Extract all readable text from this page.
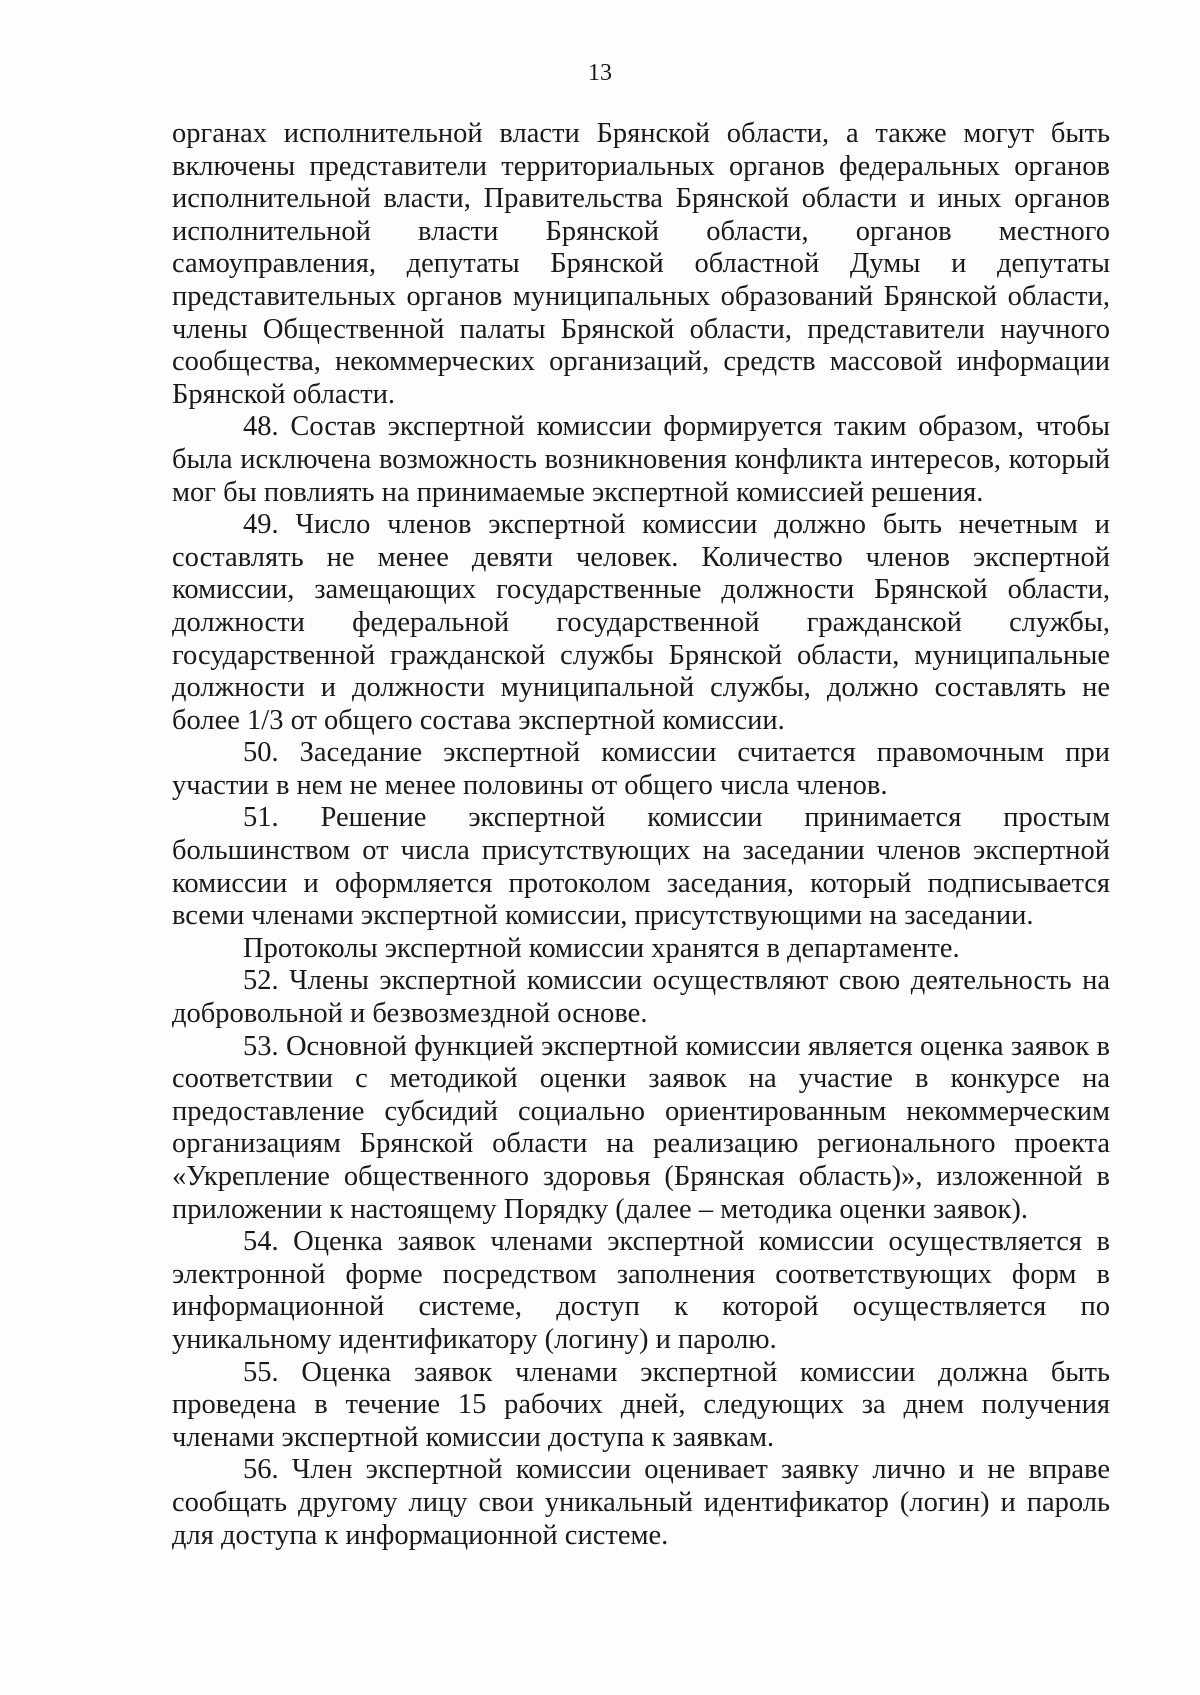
13

органах исполнительной власти Брянской области, а также могут быть включены представители территориальных органов федеральных органов исполнительной власти, Правительства Брянской области и иных органов исполнительной власти Брянской области, органов местного самоуправления, депутаты Брянской областной Думы и депутаты представительных органов муниципальных образований Брянской области, члены Общественной палаты Брянской области, представители научного сообщества, некоммерческих организаций, средств массовой информации Брянской области.

48. Состав экспертной комиссии формируется таким образом, чтобы была исключена возможность возникновения конфликта интересов, который мог бы повлиять на принимаемые экспертной комиссией решения.

49. Число членов экспертной комиссии должно быть нечетным и составлять не менее девяти человек. Количество членов экспертной комиссии, замещающих государственные должности Брянской области, должности федеральной государственной гражданской службы, государственной гражданской службы Брянской области, муниципальные должности и должности муниципальной службы, должно составлять не более 1/3 от общего состава экспертной комиссии.

50. Заседание экспертной комиссии считается правомочным при участии в нем не менее половины от общего числа членов.

51. Решение экспертной комиссии принимается простым большинством от числа присутствующих на заседании членов экспертной комиссии и оформляется протоколом заседания, который подписывается всеми членами экспертной комиссии, присутствующими на заседании.

Протоколы экспертной комиссии хранятся в департаменте.

52. Члены экспертной комиссии осуществляют свою деятельность на добровольной и безвозмездной основе.

53. Основной функцией экспертной комиссии является оценка заявок в соответствии с методикой оценки заявок на участие в конкурсе на предоставление субсидий социально ориентированным некоммерческим организациям Брянской области на реализацию регионального проекта «Укрепление общественного здоровья (Брянская область)», изложенной в приложении к настоящему Порядку (далее – методика оценки заявок).

54. Оценка заявок членами экспертной комиссии осуществляется в электронной форме посредством заполнения соответствующих форм в информационной системе, доступ к которой осуществляется по уникальному идентификатору (логину) и паролю.

55. Оценка заявок членами экспертной комиссии должна быть проведена в течение 15 рабочих дней, следующих за днем получения членами экспертной комиссии доступа к заявкам.

56. Член экспертной комиссии оценивает заявку лично и не вправе сообщать другому лицу свои уникальный идентификатор (логин) и пароль для доступа к информационной системе.
